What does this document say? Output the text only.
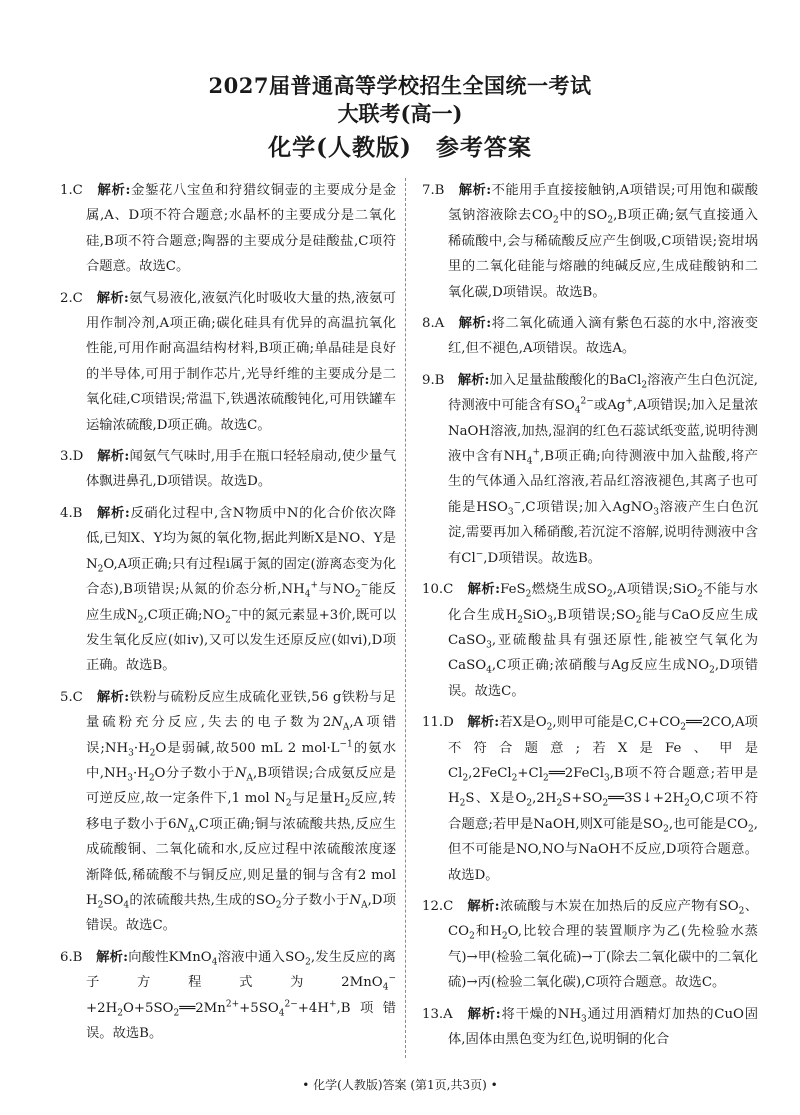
2027届普通高等学校招生全国统一考试
大联考(高一)
化学(人教版)　参考答案

1.C　解析:金錾花八宝鱼和狩猎纹铜壶的主要成分是金属,A、D项不符合题意;水晶杯的主要成分是二氧化硅,B项不符合题意;陶器的主要成分是硅酸盐,C项符合题意。故选C。

2.C　解析:氨气易液化,液氨汽化时吸收大量的热,液氨可用作制冷剂,A项正确;碳化硅具有优异的高温抗氧化性能,可用作耐高温结构材料,B项正确;单晶硅是良好的半导体,可用于制作芯片,光导纤维的主要成分是二氧化硅,C项错误;常温下,铁遇浓硫酸钝化,可用铁罐车运输浓硫酸,D项正确。故选C。

3.D　解析:闻氨气气味时,用手在瓶口轻轻扇动,使少量气体飘进鼻孔,D项错误。故选D。

4.B　解析:反硝化过程中,含N物质中N的化合价依次降低,已知X、Y均为氮的氧化物,据此判断X是NO、Y是$N_2O,A$项正确;只有过程i属于氮的固定(游离态变为化合态),B项错误;从氮的价态分析$,NH_4^+$与$NO_2^-$能反应生成$N_2,C$项正确$;NO_2^-$中的氮元素显+3价,既可以发生氧化反应(如iv),又可以发生还原反应(如vi),D项正确。故选B。

5.C　解析:铁粉与硫粉反应生成硫化亚铁,56 g铁粉与足量硫粉充分反应,失去的电子数为$2N_A,A$项错误$;NH_3\cdot H_2O$是弱碱,故500 mL 2 $mol\cdot L^{-1}$的氨水中$,NH_3\cdot H_2O$分子数小于$N_A,B$项错误;合成氨反应是可逆反应,故一定条件下,1 mol $N_2$与足量$H_2$反应,转移电子数小于$6N_A,C$项正确;铜与浓硫酸共热,反应生成硫酸铜、二氧化硫和水,反应过程中浓硫酸浓度逐渐降低,稀硫酸不与铜反应,则足量的铜与含有2 mol $H_2SO_4$的浓硫酸共热,生成的$SO_2$分子数小于$N_A,D$项错误。故选C。

6.B　解析:向酸性KMnO$_4$溶液中通入$SO_2$,发生反应的离子方程式为$2MnO_4^-+2H_2O+5SO_2══2Mn^{2+}+5SO_4^{2-}+4H^+,B$项错误。故选B。

7.B　解析:不能用手直接接触钠,A项错误;可用饱和碳酸氢钠溶液除去$CO_2$中的$SO_2,B$项正确;氨气直接通入稀硫酸中,会与稀硫酸反应产生倒吸,C项错误;瓷坩埚里的二氧化硅能与熔融的纯碱反应,生成硅酸钠和二氧化碳,D项错误。故选B。

8.A　解析:将二氧化硫通入滴有紫色石蕊的水中,溶液变红,但不褪色,A项错误。故选A。

9.B　解析:加入足量盐酸酸化的BaCl$_2$溶液产生白色沉淀,待测液中可能含有$SO_4^{2-}$或Ag+,A项错误;加入足量浓NaOH溶液,加热,湿润的红色石蕊试纸变蓝,说明待测液中含有$NH_4^+,B$项正确;向待测液中加入盐酸,将产生的气体通入品红溶液,若品红溶液褪色,其离子也可能是$HSO_3^-,C$项错误;加入AgNO$_3$溶液产生白色沉淀,需要再加入稀硝酸,若沉淀不溶解,说明待测液中含有Cl−,D项错误。故选B。

10.C　解析:FeS$_2$燃烧生成$SO_2,A$项错误;SiO$_2$不能与水化合生成$H_2SiO_3,B$项错误$;SO_2$能与CaO反应生成CaSO$_3$,亚硫酸盐具有强还原性,能被空气氧化为CaSO$_4$,C项正确;浓硝酸与Ag反应生成$NO_2,D$项错误。故选C。

11.D　解析:若X是$O_2$,则甲可能是$C,C+CO_2══2CO,A$项不符合题意;若X是Fe、甲是$Cl_2,2FeCl_2+Cl_2══2FeCl_3,B$项不符合题意;若甲是$H_2S$、X是$O_2,2H_2S+SO_2══3S↓+2H_2O,C$项不符合题意;若甲是NaOH,则X可能是$SO_2$,也可能是$CO_2$,但不可能是NO,NO与NaOH不反应,D项符合题意。故选D。

12.C　解析:浓硫酸与木炭在加热后的反应产物有$SO_2$、$CO_2$和$H_2O$,比较合理的装置顺序为乙(先检验水蒸气)→甲(检验二氧化硫)→丁(除去二氧化碳中的二氧化硫)→丙(检验二氧化碳),C项符合题意。故选C。

13.A　解析:将干燥的$NH_3$通过用酒精灯加热的CuO固体,固体由黑色变为红色,说明铜的化合

• 化学(人教版)答案 (第1页,共3页) •
